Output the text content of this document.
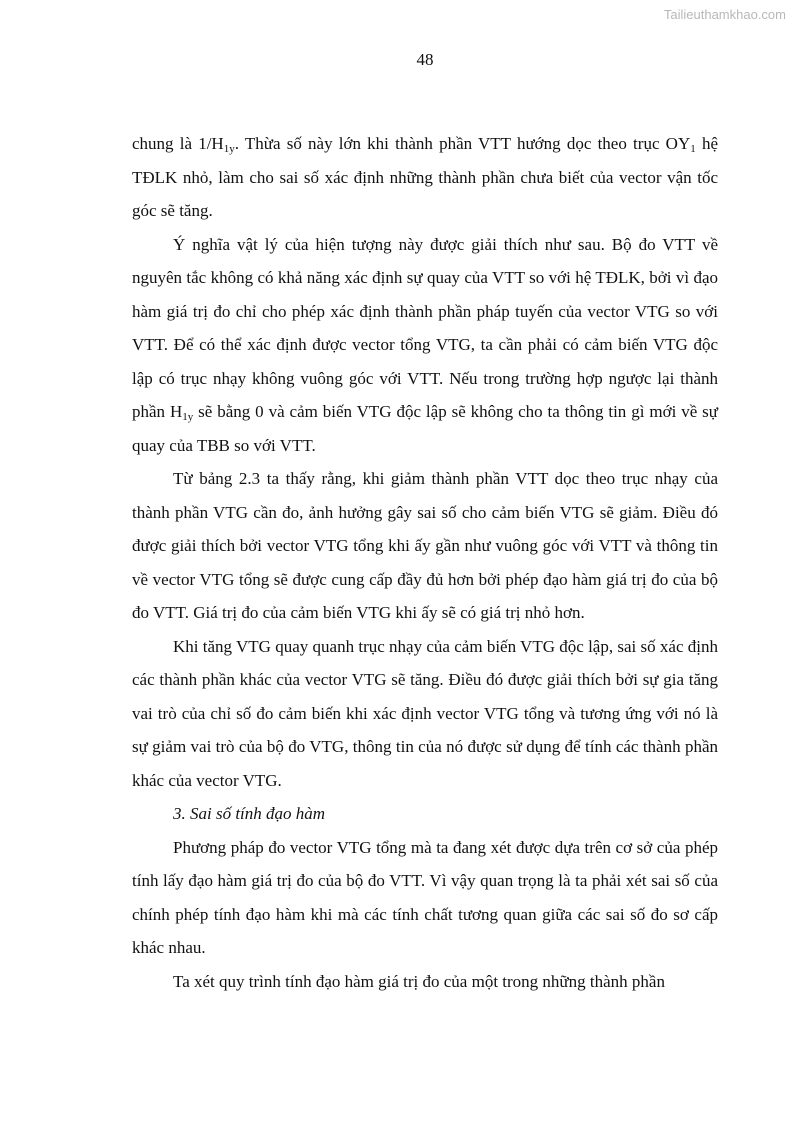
Tailieuthamkhao.com
48

chung là $1/H_{1y}$. Thừa số này lớn khi thành phần VTT hướng dọc theo trục $OY_1$ hệ TĐLK nhỏ, làm cho sai số xác định những thành phần chưa biết của vector vận tốc góc sẽ tăng.

Ý nghĩa vật lý của hiện tượng này được giải thích như sau. Bộ đo VTT về nguyên tắc không có khả năng xác định sự quay của VTT so với hệ TĐLK, bởi vì đạo hàm giá trị đo chỉ cho phép xác định thành phần pháp tuyến của vector VTG so với VTT. Để có thể xác định được vector tổng VTG, ta cần phải có cảm biến VTG độc lập có trục nhạy không vuông góc với VTT. Nếu trong trường hợp ngược lại thành phần $H_{1y}$ sẽ bằng 0 và cảm biến VTG độc lập sẽ không cho ta thông tin gì mới về sự quay của TBB so với VTT.

Từ bảng 2.3 ta thấy rằng, khi giảm thành phần VTT dọc theo trục nhạy của thành phần VTG cần đo, ảnh hưởng gây sai số cho cảm biến VTG sẽ giảm. Điều đó được giải thích bởi vector VTG tổng khi ấy gần như vuông góc với VTT và thông tin về vector VTG tổng sẽ được cung cấp đầy đủ hơn bởi phép đạo hàm giá trị đo của bộ đo VTT. Giá trị đo của cảm biến VTG khi ấy sẽ có giá trị nhỏ hơn.

Khi tăng VTG quay quanh trục nhạy của cảm biến VTG độc lập, sai số xác định các thành phần khác của vector VTG sẽ tăng. Điều đó được giải thích bởi sự gia tăng vai trò của chỉ số đo cảm biến khi xác định vector VTG tổng và tương ứng với nó là sự giảm vai trò của bộ đo VTG, thông tin của nó được sử dụng để tính các thành phần khác của vector VTG.

3. Sai số tính đạo hàm

Phương pháp đo vector VTG tổng mà ta đang xét được dựa trên cơ sở của phép tính lấy đạo hàm giá trị đo của bộ đo VTT. Vì vậy quan trọng là ta phải xét sai số của chính phép tính đạo hàm khi mà các tính chất tương quan giữa các sai số đo sơ cấp khác nhau.

Ta xét quy trình tính đạo hàm giá trị đo của một trong những thành phần
